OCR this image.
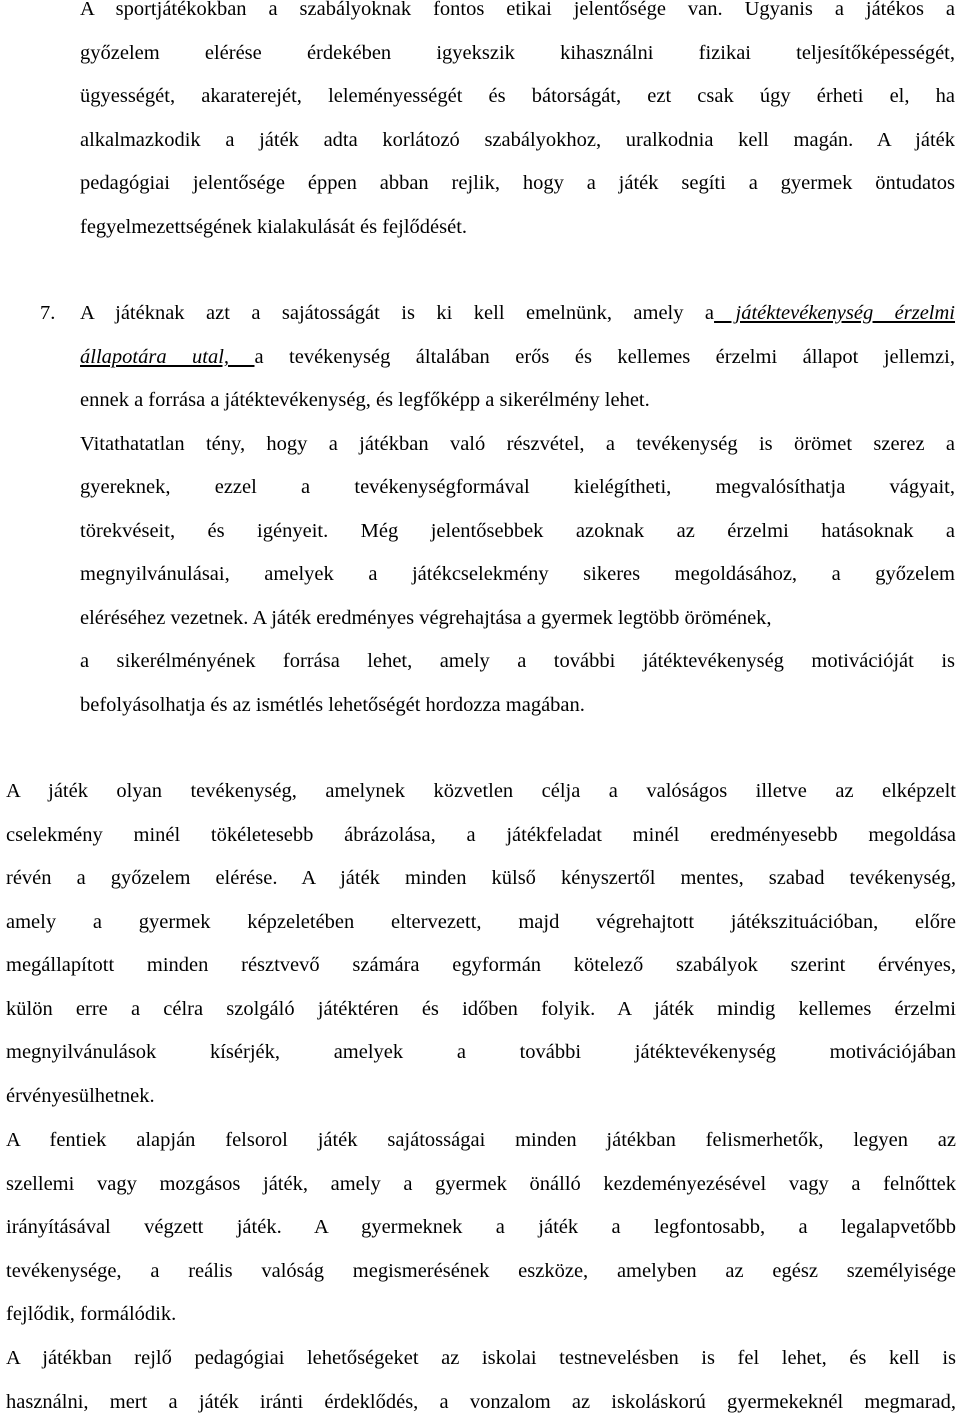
A sportjátékokban a szabályoknak fontos etikai jelentősége van. Ugyanis a játékos a
győzelem elérése érdekében igyekszik kihasználni fizikai teljesítőképességét,
ügyességét, akaraterejét, leleményességét és bátorságát, ezt csak úgy érheti el, ha
alkalmazkodik a játék adta korlátozó szabályokhoz, uralkodnia kell magán. A játék
pedagógiai jelentősége éppen abban rejlik, hogy a játék segíti a gyermek öntudatos
fegyelmezettségének kialakulását és fejlődését.
7.	A játéknak azt a sajátosságát is ki kell emelnünk, amely a játéktevékenység érzelmi
állapotára utal, a tevékenység általában erős és kellemes érzelmi állapot jellemzi,
ennek a forrása a játéktevékenység, és legfőképp a sikerélmény lehet.
Vitathatatlan tény, hogy a játékban való részvétel, a tevékenység is örömet szerez a
gyereknek, ezzel a tevékenységformával kielégítheti, megvalósíthatja vágyait,
törekvéseit, és igényeit. Még jelentősebbek azoknak az érzelmi hatásoknak a
megnyilvánulásai, amelyek a játékcselekmény sikeres megoldásához, a győzelem
eléréséhez vezetnek. A játék eredményes végrehajtása a gyermek legtöbb örömének,
a sikerélményének forrása lehet, amely a további játéktevékenység motivációját is
befolyásolhatja és az ismétlés lehetőségét hordozza magában.
A játék olyan tevékenység, amelynek közvetlen célja a valóságos illetve az elképzelt
cselekmény minél tökéletesebb ábrázolása, a játékfeladat minél eredményesebb megoldása
révén a győzelem elérése. A játék minden külső kényszertől mentes, szabad tevékenység,
amely a gyermek képzeletében eltervezett, majd végrehajtott játékszituációban, előre
megállapított minden résztvevő számára egyformán kötelező szabályok szerint érvényes,
külön erre a célra szolgáló játéktéren és időben folyik. A játék mindig kellemes érzelmi
megnyilvánulások kísérjék, amelyek a további játéktevékenység motivációjában
érvényesülhetnek.
A fentiek alapján felsorol játék sajátosságai minden játékban felismerhetők, legyen az
szellemi vagy mozgásos játék, amely a gyermek önálló kezdeményezésével vagy a felnőttek
irányításával végzett játék. A gyermeknek a játék a legfontosabb, a legalapvetőbb
tevékenysége, a reális valóság megismerésének eszköze, amelyben az egész személyisége
fejlődik, formálódik.
A játékban rejlő pedagógiai lehetőségeket az iskolai testnevelésben is fel lehet, és kell is
használni, mert a játék iránti érdeklődés, a vonzalom az iskoláskorú gyermekeknél megmarad,
